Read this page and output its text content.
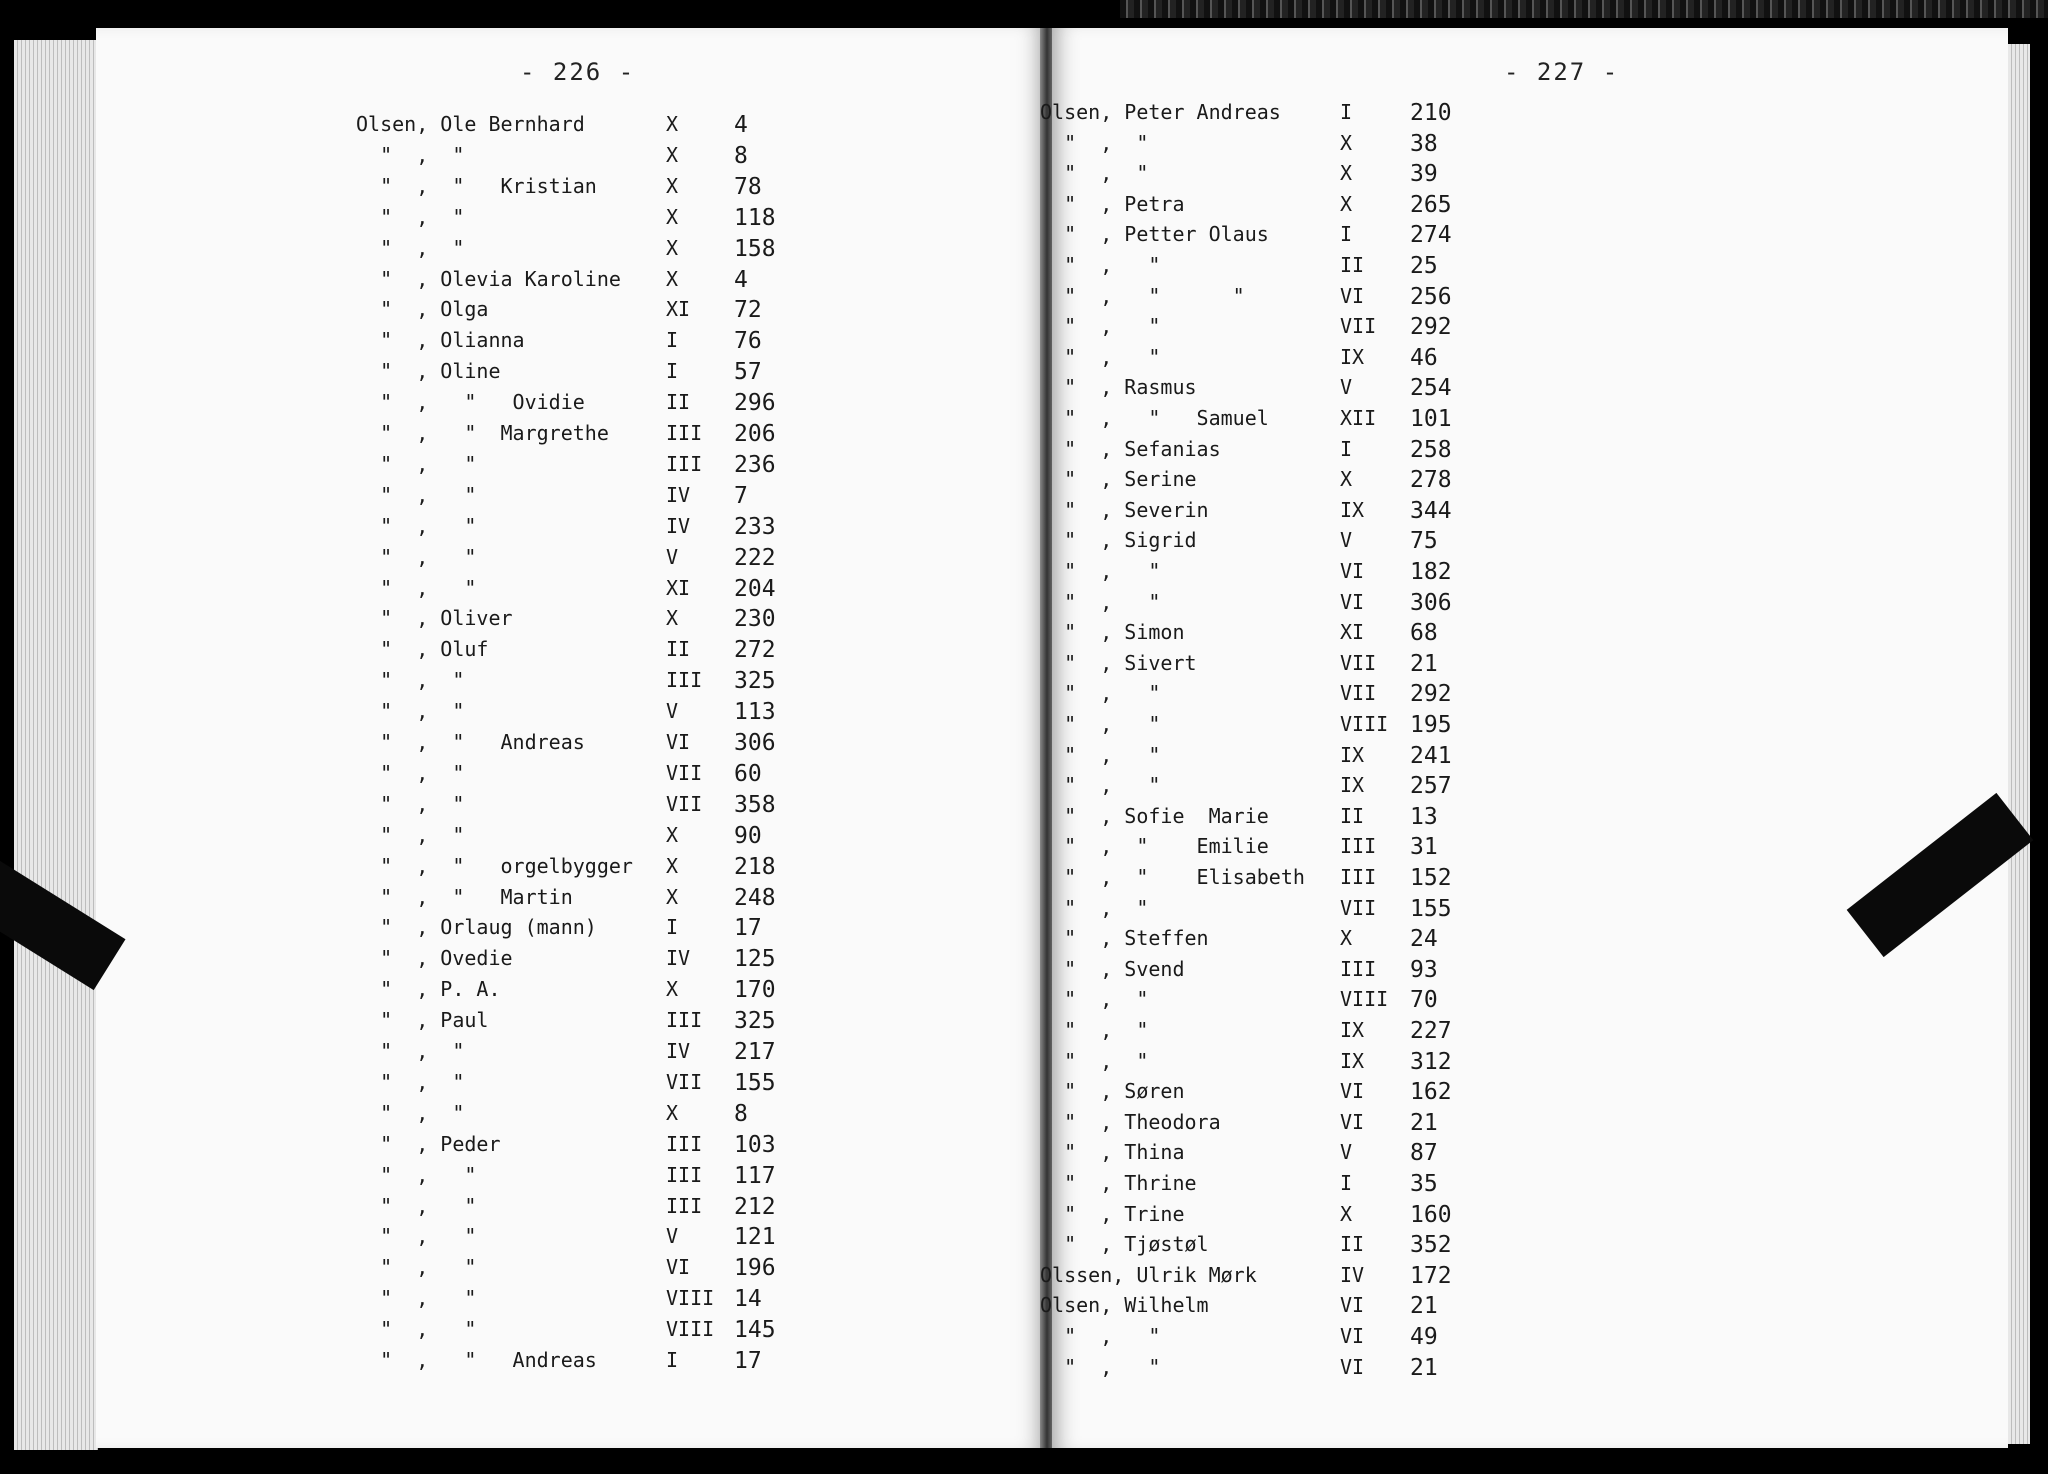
- 226 -
Olsen, Ole Bernhard	X 4
"  ,  "	X 8
"  ,  "   Kristian	X 78
"  ,  "	X 118
"  ,  "	X 158
"  , Olevia Karoline X 4
"  , Olga	XI 72
"  , Olianna	I 76
"  , Oline	I 57
"  ,   "   Ovidie	II 296
"  ,   "  Margrethe	III 206
"  ,   "	III 236
"  ,   "	IV 7
"  ,   "	IV 233
"  ,   "	V 222
"  ,   "	XI 204
"  , Oliver	X 230
"  , Oluf	II 272
"  ,  "	III 325
"  ,  "	V 113
"  ,  "   Andreas	VI 306
"  ,  "	VII 60
"  ,  "	VII 358
"  ,  "	X 90
"  ,  "   orgelbygger X 218
"  ,  "   Martin	X 248
"  , Orlaug (mann)	I 17
"  , Ovedie	IV 125
"  , P. A.	X 170
"  , Paul	III 325
"  ,  "	IV 217
"  ,  "	VII 155
"  ,  "	X 8
"  , Peder	III 103
"  ,   "	III 117
"  ,   "	III 212
"  ,   "	V 121
"  ,   "	VI 196
"  ,   "	VIII 14
"  ,   "	VIII 145
"  ,   "   Andreas	I 17
- 227 -
Olsen, Peter Andreas	I	210
"  ,  "	X	38
"  ,  "	X	39
"  , Petra	X	265
"  , Petter Olaus	I	274
"  ,   "	II 25
"  ,   "      "	VI 256
"  ,   "	VII 292
"  ,   "	IX 46
"  , Rasmus	V	254
"  ,   "   Samuel	XII 101
"  , Sefanias	I	258
"  , Serine	X	278
"  , Severin	IX 344
"  , Sigrid	V	75
"  ,   "	VI 182
"  ,   "	VI 306
"  , Simon	XI 68
"  , Sivert	VII 21
"  ,   "	VII 292
"  ,   "	VIII 195
"  ,   "	IX 241
"  ,   "	IX 257
"  , Sofie  Marie	II 13
"  ,  "    Emilie	III 31
"  ,  "    Elisabeth III 152
"  ,  "	VII 155
"  , Steffen	X	24
"  , Svend	III 93
"  ,  "	VIII 70
"  ,  "	IX 227
"  ,  "	IX 312
"  , Søren	VI 162
"  , Theodora	VI 21
"  , Thina	V	87
"  , Thrine	I	35
"  , Trine	X	160
"  , Tjøstøl	II 352
Olssen, Ulrik Mørk	IV 172
Olsen, Wilhelm	VI 21
"  ,   "	VI 49
"  ,   "	VI 21
